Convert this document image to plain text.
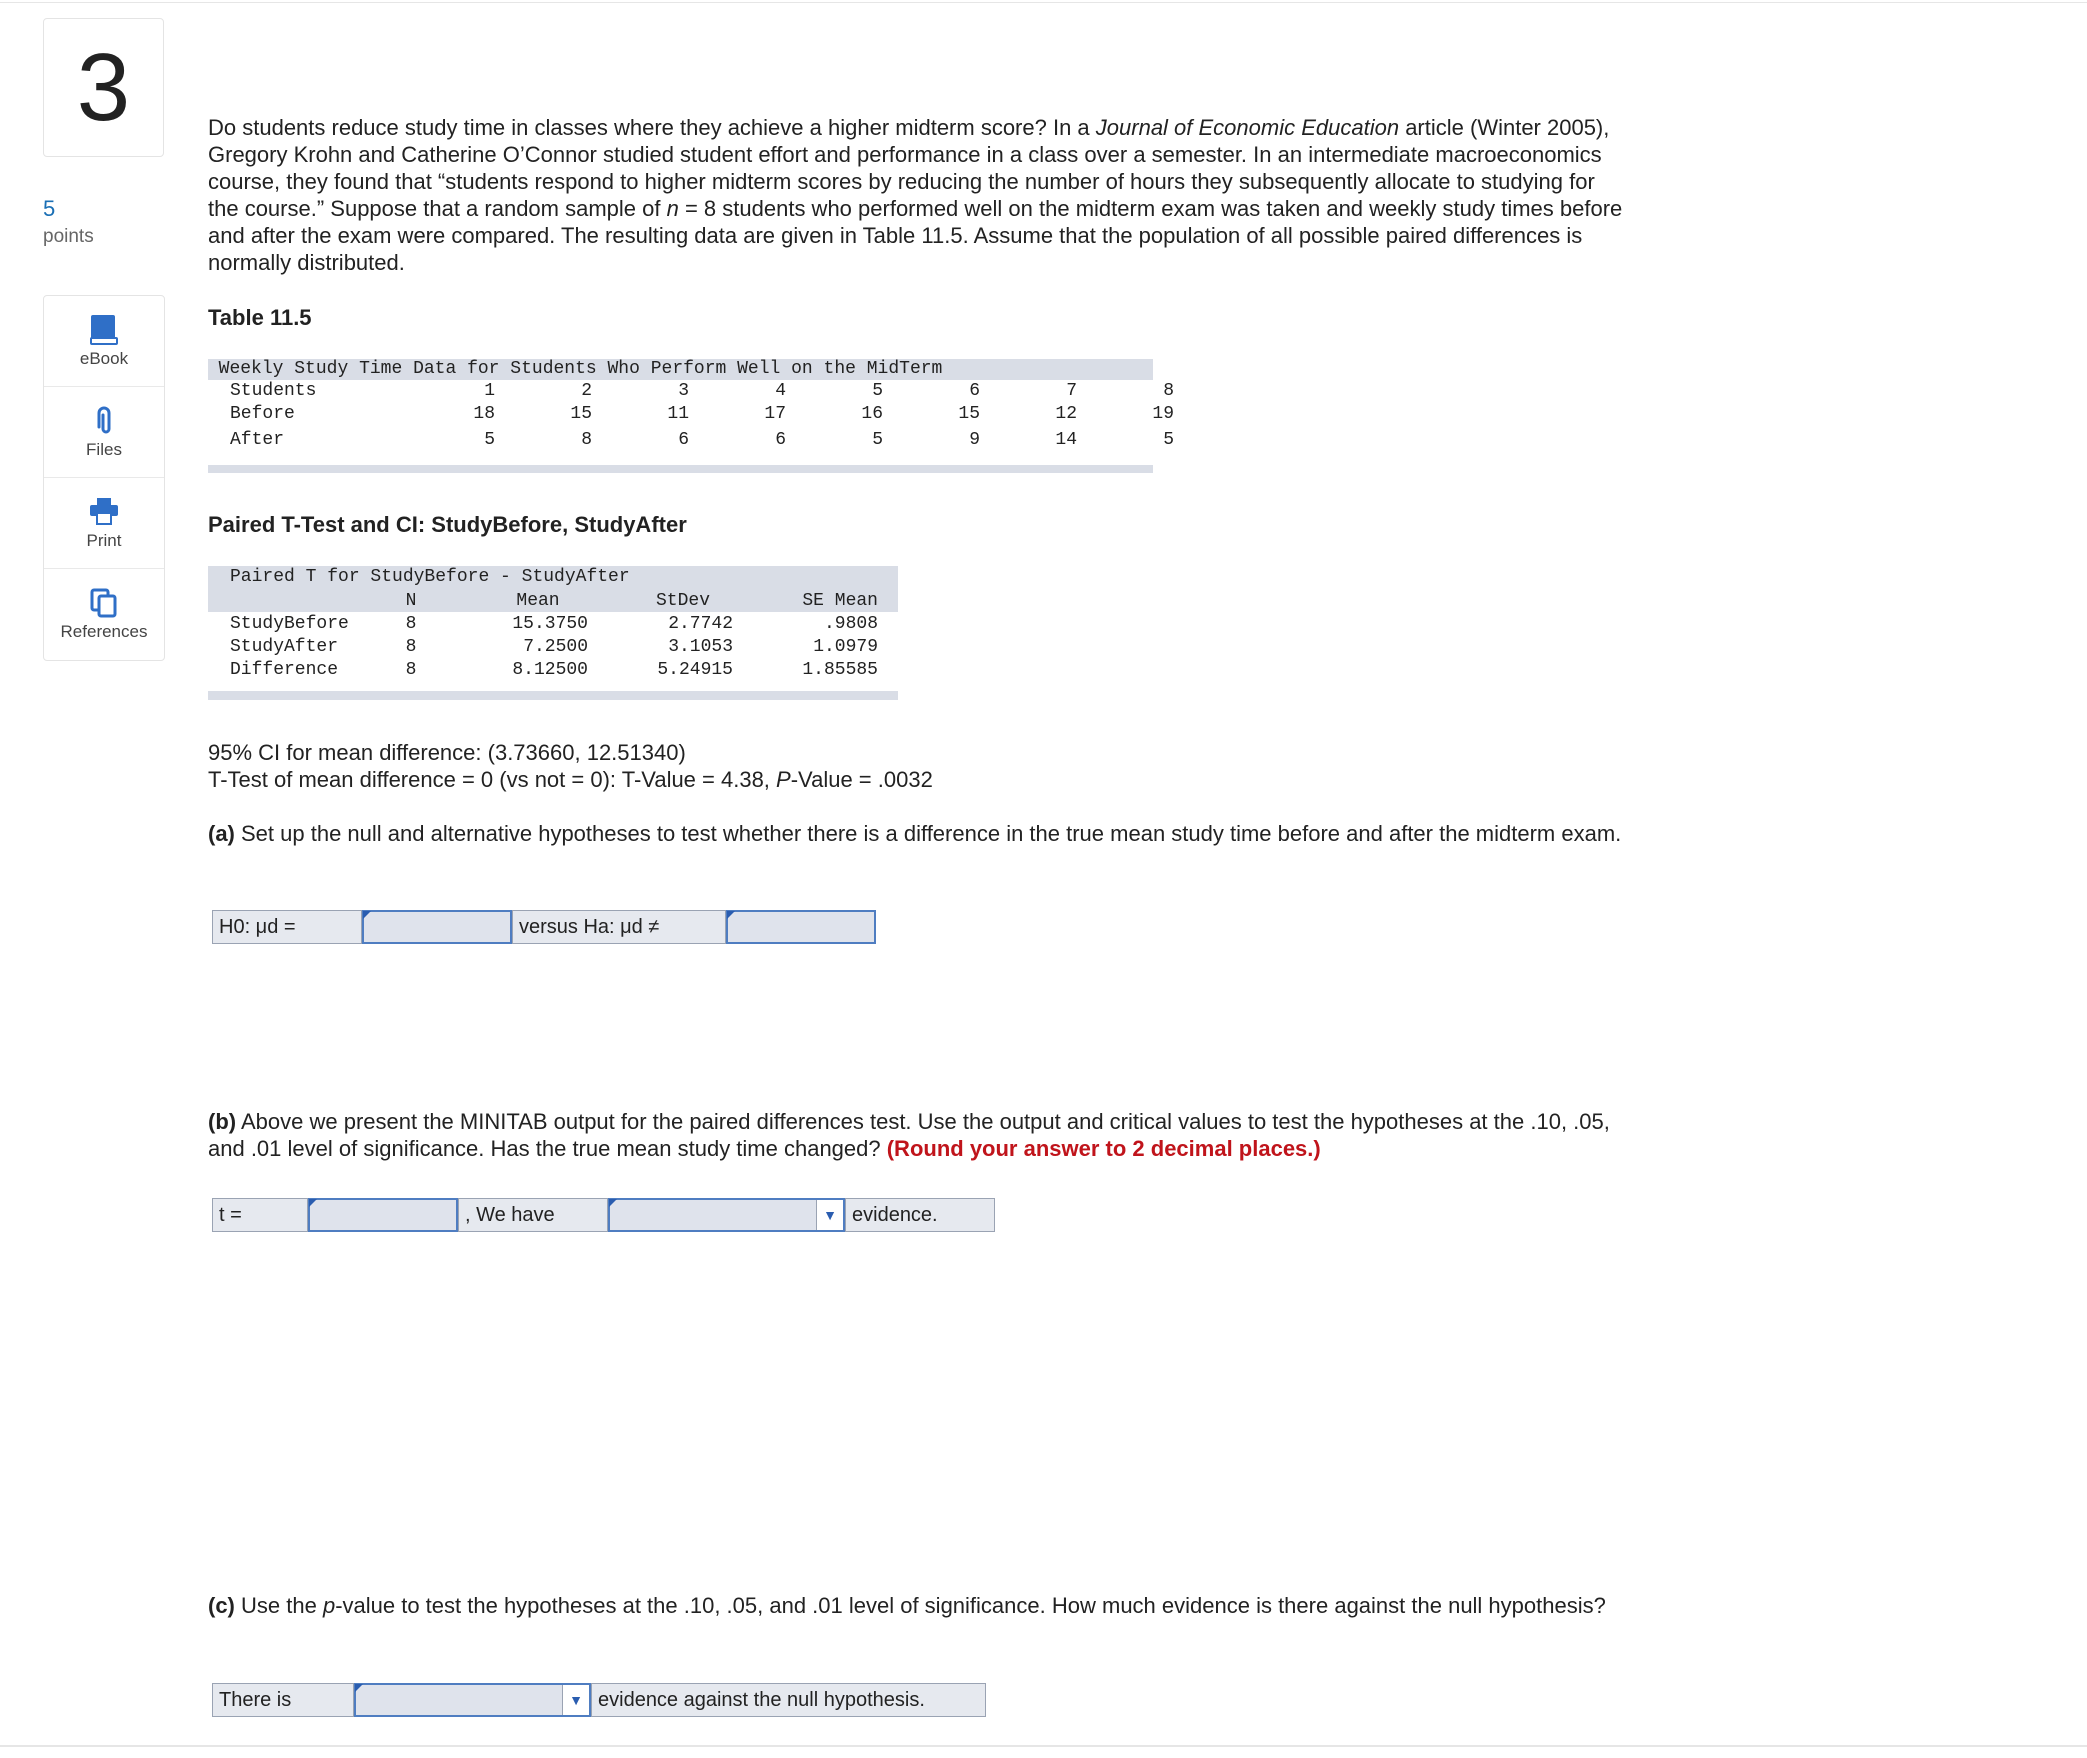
3
5
points
eBook
Files
Print
References
Do students reduce study time in classes where they achieve a higher midterm score? In a Journal of Economic Education article (Winter 2005), Gregory Krohn and Catherine O’Connor studied student effort and performance in a class over a semester. In an intermediate macroeconomics course, they found that “students respond to higher midterm scores by reducing the number of hours they subsequently allocate to studying for the course.” Suppose that a random sample of n = 8 students who performed well on the midterm exam was taken and weekly study times before and after the exam were compared. The resulting data are given in Table 11.5. Assume that the population of all possible paired differences is normally distributed.
Table 11.5
Weekly Study Time Data for Students Who Perform Well on the MidTerm
Students	1	2	3	4	5	6	7	8
Before	18	15	11	17	16	15	12	19
After	5	8	6	6	5	9	14	5
Paired T-Test and CI: StudyBefore, StudyAfter
Paired T for StudyBefore - StudyAfter
N	Mean	StDev	SE Mean
StudyBefore	8	15.3750	2.7742	.9808
StudyAfter	8	7.2500	3.1053	1.0979
Difference	8	8.12500	5.24915	1.85585
95% CI for mean difference: (3.73660, 12.51340)
T-Test of mean difference = 0 (vs not = 0): T-Value = 4.38, P-Value = .0032
(a) Set up the null and alternative hypotheses to test whether there is a difference in the true mean study time before and after the midterm exam.
H0: μd =	versus Ha: μd ≠
(b) Above we present the MINITAB output for the paired differences test. Use the output and critical values to test the hypotheses at the .10, .05, and .01 level of significance. Has the true mean study time changed? (Round your answer to 2 decimal places.)
t =	, We have	▼ evidence.
(c) Use the p-value to test the hypotheses at the .10, .05, and .01 level of significance. How much evidence is there against the null hypothesis?
There is	▼ evidence against the null hypothesis.
